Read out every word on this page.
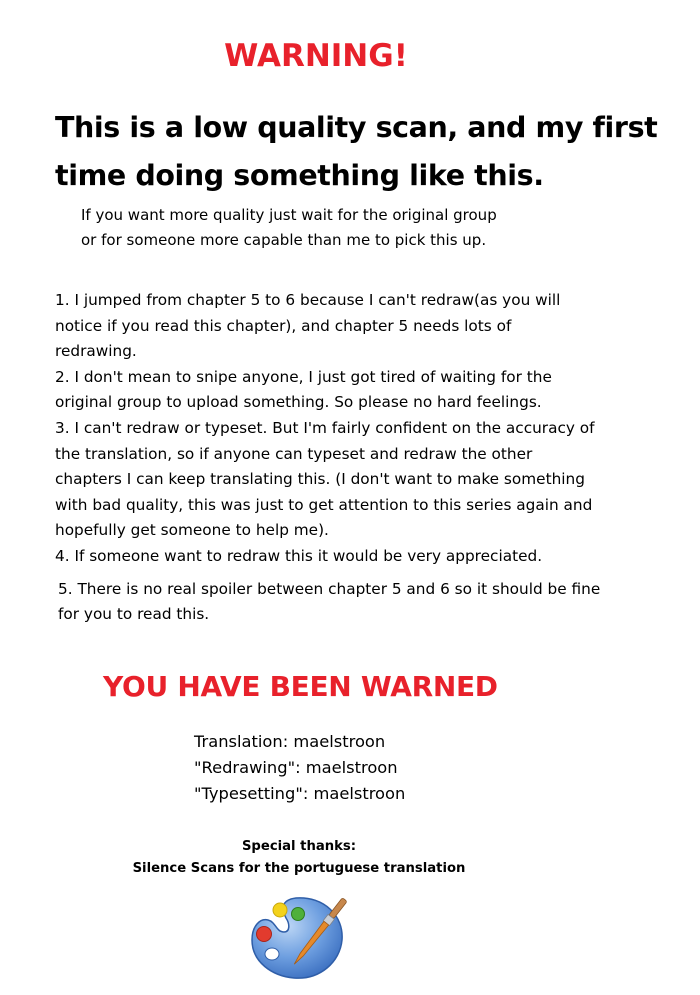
WARNING!
This is a low quality scan, and my first
time doing something like this.
If you want more quality just wait for the original group
or for someone more capable than me to pick this up.

1. I jumped from chapter 5 to 6 because I can't redraw(as you will
notice if you read this chapter), and chapter 5 needs lots of
redrawing.

2. I don't mean to snipe anyone, I just got tired of waiting for the
original group to upload something. So please no hard feelings.

3. I can't redraw or typeset. But I'm fairly confident on the accuracy of
the translation, so if anyone can typeset and redraw the other
chapters I can keep translating this. (I don't want to make something
with bad quality, this was just to get attention to this series again and
hopefully get someone to help me).

4. If someone want to redraw this it would be very appreciated.

5. There is no real spoiler between chapter 5 and 6 so it should be fine
for you to read this.

YOU HAVE BEEN WARNED
Translation: maelstroon
"Redrawing": maelstroon
"Typesetting": maelstroon
Special thanks:
Silence Scans for the portuguese translation
